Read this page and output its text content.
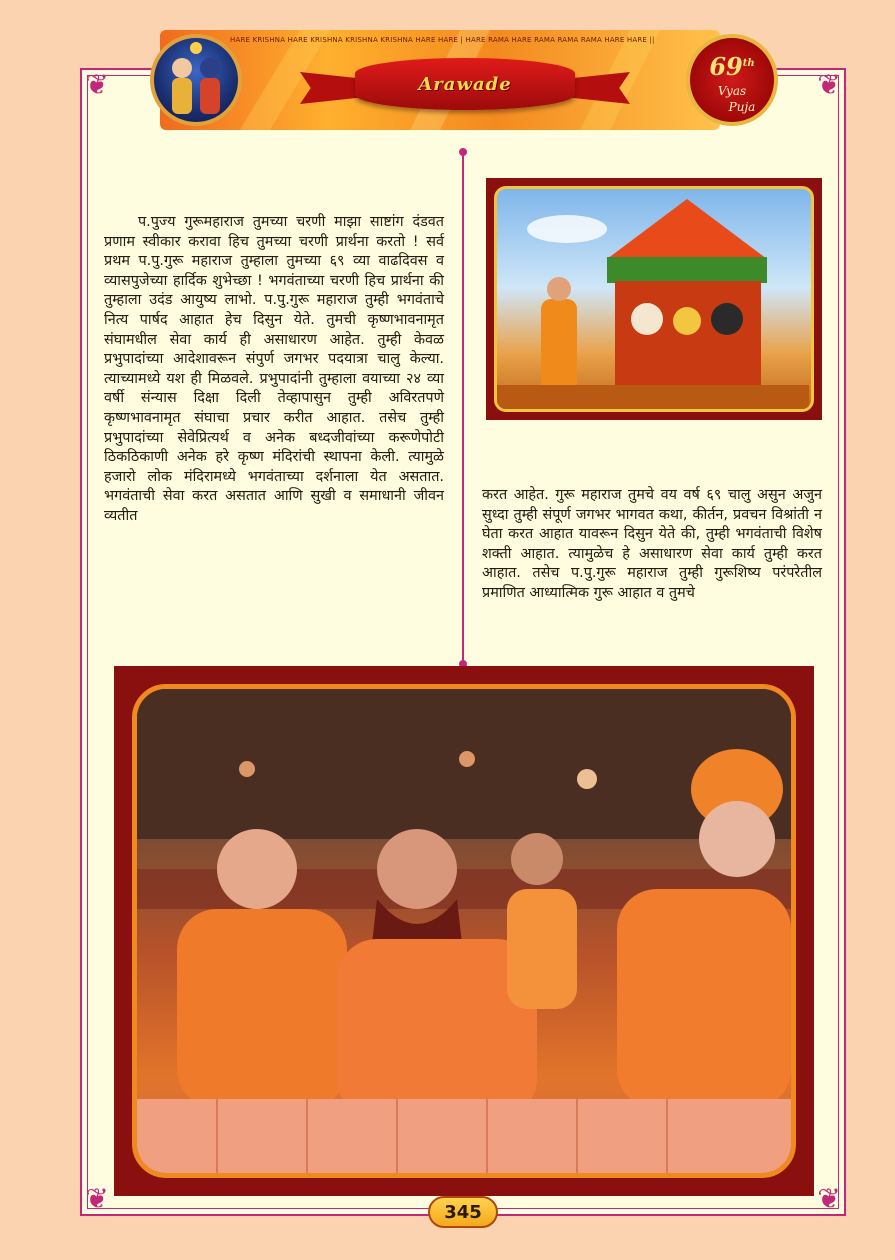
❦	❦
❦	❦
HARE KRISHNA HARE KRISHNA KRISHNA KRISHNA HARE HARE | HARE RAMA HARE RAMA RAMA RAMA HARE HARE ||
Arawade
69th
Vyas
Puja

प.पुज्य गुरूमहाराज तुमच्या चरणी माझा साष्टांग दंडवत प्रणाम स्वीकार करावा हिच तुमच्या चरणी प्रार्थना करतो ! सर्व प्रथम प.पु.गुरू महाराज तुम्हाला तुमच्या ६९ व्या वाढदिवस व व्यासपुजेच्या हार्दिक शुभेच्छा ! भगवंताच्या चरणी हिच प्रार्थना की तुम्हाला उदंड आयुष्य लाभो. प.पु.गुरू महाराज तुम्ही भगवंताचे नित्य पार्षद आहात हेच दिसुन येते. तुमची कृष्णभावनामृत संघामधील सेवा कार्य ही असाधारण आहेत. तुम्ही केवळ प्रभुपादांच्या आदेशावरून संपुर्ण जगभर पदयात्रा चालु केल्या. त्याच्यामध्ये यश ही मिळवले. प्रभुपादांनी तुम्हाला वयाच्या २४ व्या वर्षी संन्यास दिक्षा दिली तेव्हापासुन तुम्ही अविरतपणे कृष्णभावनामृत संघाचा प्रचार करीत आहात. तसेच तुम्ही प्रभुपादांच्या सेवेप्रित्यर्थ व अनेक बध्दजीवांच्या करूणेपोटी ठिकठिकाणी अनेक हरे कृष्ण मंदिरांची स्थापना केली. त्यामुळे हजारो लोक मंदिरामध्ये भगवंताच्या दर्शनाला येत असतात. भगवंताची सेवा करत असतात आणि सुखी व समाधानी जीवन व्यतीत

करत आहेत. गुरू महाराज तुमचे वय वर्ष ६९ चालु असुन अजुन सुध्दा तुम्ही संपूर्ण जगभर भागवत कथा, कीर्तन, प्रवचन विश्रांती न घेता करत आहात यावरून दिसुन येते की, तुम्ही भगवंताची विशेष शक्ती आहात. त्यामुळेच हे असाधारण सेवा कार्य तुम्ही करत आहात. तसेच प.पु.गुरू महाराज तुम्ही गुरूशिष्य परंपरेतील प्रमाणित आध्यात्मिक गुरू आहात व तुमचे

345
